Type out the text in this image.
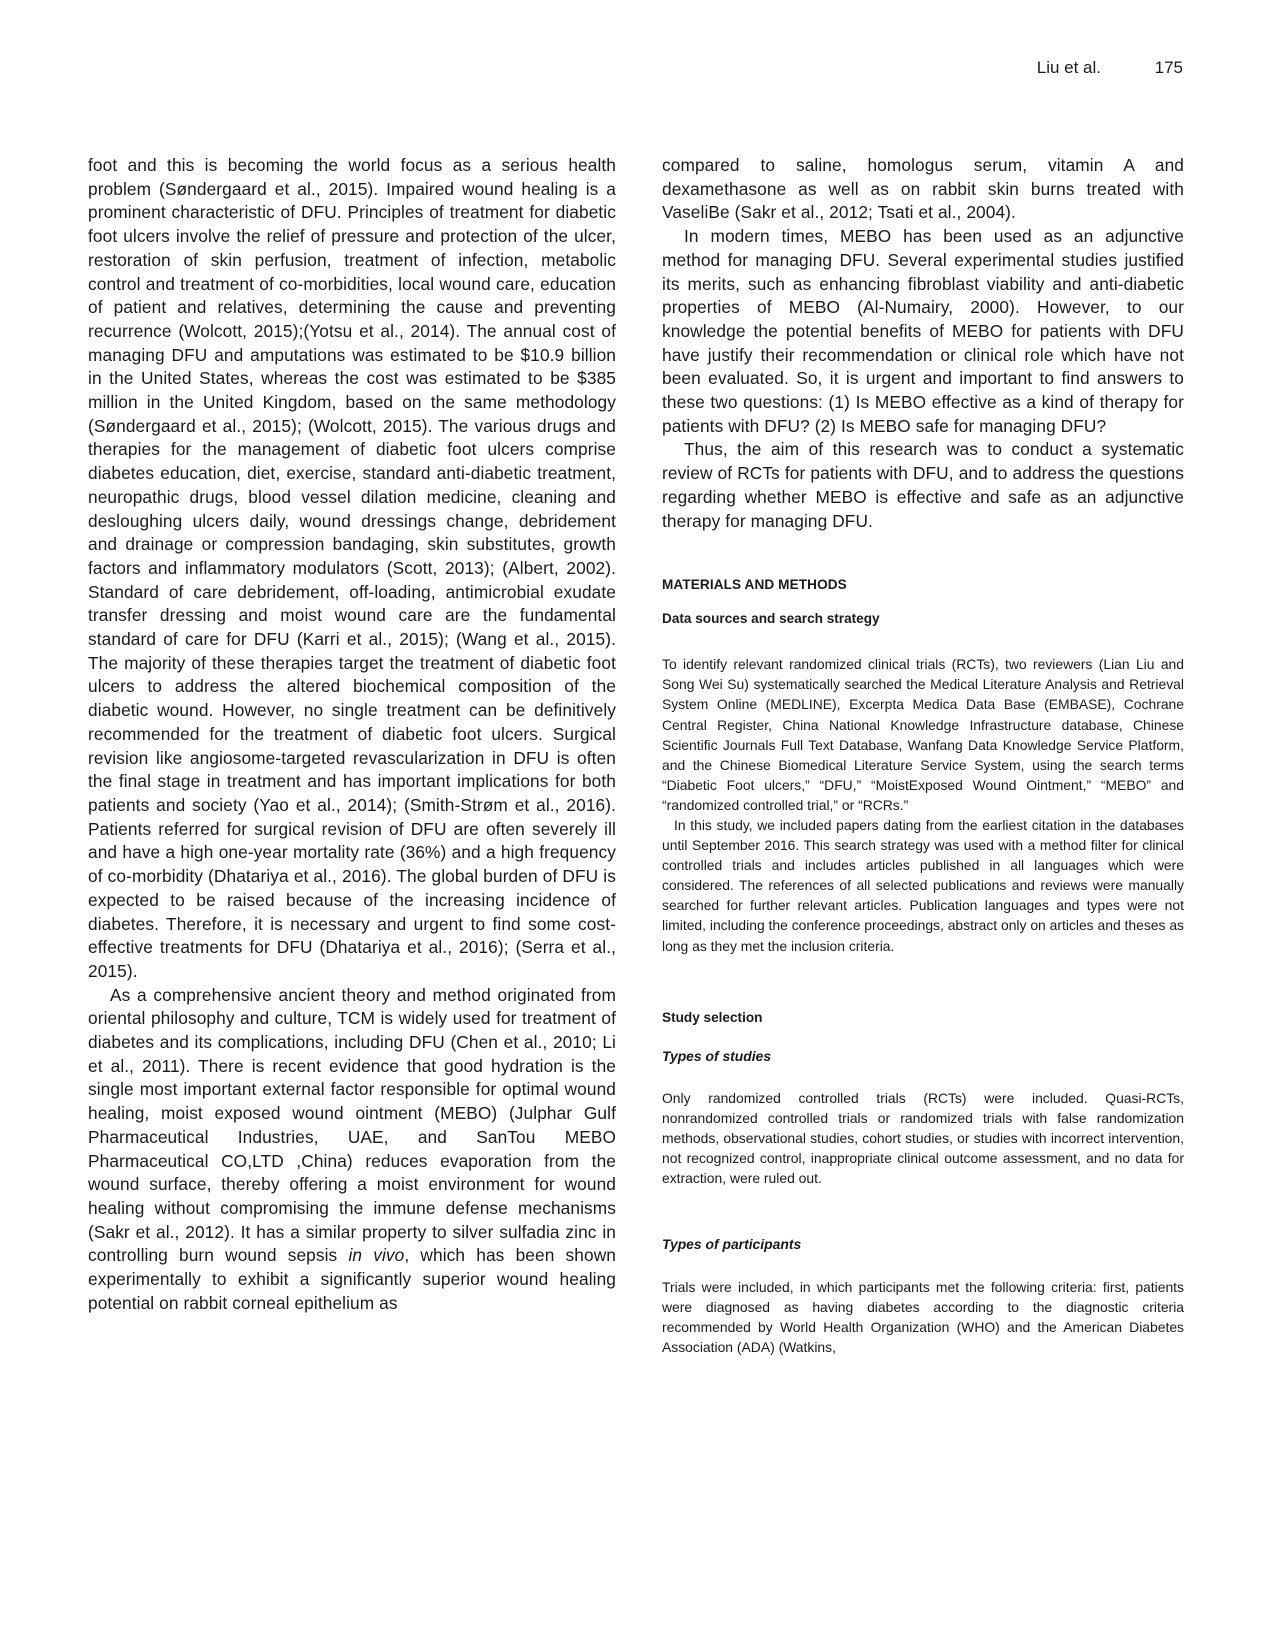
Liu et al.	175

foot and this is becoming the world focus as a serious health problem (Søndergaard et al., 2015). Impaired wound healing is a prominent characteristic of DFU. Principles of treatment for diabetic foot ulcers involve the relief of pressure and protection of the ulcer, restoration of skin perfusion, treatment of infection, metabolic control and treatment of co-morbidities, local wound care, education of patient and relatives, determining the cause and preventing recurrence (Wolcott, 2015);(Yotsu et al., 2014). The annual cost of managing DFU and amputations was estimated to be $10.9 billion in the United States, whereas the cost was estimated to be $385 million in the United Kingdom, based on the same methodology (Søndergaard et al., 2015); (Wolcott, 2015). The various drugs and therapies for the management of diabetic foot ulcers comprise diabetes education, diet, exercise, standard anti-diabetic treatment, neuropathic drugs, blood vessel dilation medicine, cleaning and desloughing ulcers daily, wound dressings change, debridement and drainage or compression bandaging, skin substitutes, growth factors and inflammatory modulators (Scott, 2013); (Albert, 2002). Standard of care debridement, off-loading, antimicrobial exudate transfer dressing and moist wound care are the fundamental standard of care for DFU (Karri et al., 2015); (Wang et al., 2015). The majority of these therapies target the treatment of diabetic foot ulcers to address the altered biochemical composition of the diabetic wound. However, no single treatment can be definitively recommended for the treatment of diabetic foot ulcers. Surgical revision like angiosome-targeted revascularization in DFU is often the final stage in treatment and has important implications for both patients and society (Yao et al., 2014); (Smith-Strøm et al., 2016). Patients referred for surgical revision of DFU are often severely ill and have a high one-year mortality rate (36%) and a high frequency of co-morbidity (Dhatariya et al., 2016). The global burden of DFU is expected to be raised because of the increasing incidence of diabetes. Therefore, it is necessary and urgent to find some cost-effective treatments for DFU (Dhatariya et al., 2016); (Serra et al., 2015).

As a comprehensive ancient theory and method originated from oriental philosophy and culture, TCM is widely used for treatment of diabetes and its complications, including DFU (Chen et al., 2010; Li et al., 2011). There is recent evidence that good hydration is the single most important external factor responsible for optimal wound healing, moist exposed wound ointment (MEBO) (Julphar Gulf Pharmaceutical Industries, UAE, and SanTou MEBO Pharmaceutical CO,LTD ,China) reduces evaporation from the wound surface, thereby offering a moist environment for wound healing without compromising the immune defense mechanisms (Sakr et al., 2012). It has a similar property to silver sulfadia zinc in controlling burn wound sepsis in vivo, which has been shown experimentally to exhibit a significantly superior wound healing potential on rabbit corneal epithelium as

compared to saline, homologus serum, vitamin A and dexamethasone as well as on rabbit skin burns treated with VaseliBe (Sakr et al., 2012; Tsati et al., 2004).

In modern times, MEBO has been used as an adjunctive method for managing DFU. Several experimental studies justified its merits, such as enhancing fibroblast viability and anti-diabetic properties of MEBO (Al-Numairy, 2000). However, to our knowledge the potential benefits of MEBO for patients with DFU have justify their recommendation or clinical role which have not been evaluated. So, it is urgent and important to find answers to these two questions: (1) Is MEBO effective as a kind of therapy for patients with DFU? (2) Is MEBO safe for managing DFU?

Thus, the aim of this research was to conduct a systematic review of RCTs for patients with DFU, and to address the questions regarding whether MEBO is effective and safe as an adjunctive therapy for managing DFU.

MATERIALS AND METHODS
Data sources and search strategy

To identify relevant randomized clinical trials (RCTs), two reviewers (Lian Liu and Song Wei Su) systematically searched the Medical Literature Analysis and Retrieval System Online (MEDLINE), Excerpta Medica Data Base (EMBASE), Cochrane Central Register, China National Knowledge Infrastructure database, Chinese Scientific Journals Full Text Database, Wanfang Data Knowledge Service Platform, and the Chinese Biomedical Literature Service System, using the search terms “Diabetic Foot ulcers,” “DFU,” “MoistExposed Wound Ointment,” “MEBO” and “randomized controlled trial,” or “RCRs.”

In this study, we included papers dating from the earliest citation in the databases until September 2016. This search strategy was used with a method filter for clinical controlled trials and includes articles published in all languages which were considered. The references of all selected publications and reviews were manually searched for further relevant articles. Publication languages and types were not limited, including the conference proceedings, abstract only on articles and theses as long as they met the inclusion criteria.

Study selection
Types of studies

Only randomized controlled trials (RCTs) were included. Quasi-RCTs, nonrandomized controlled trials or randomized trials with false randomization methods, observational studies, cohort studies, or studies with incorrect intervention, not recognized control, inappropriate clinical outcome assessment, and no data for extraction, were ruled out.

Types of participants

Trials were included, in which participants met the following criteria: first, patients were diagnosed as having diabetes according to the diagnostic criteria recommended by World Health Organization (WHO) and the American Diabetes Association (ADA) (Watkins,
